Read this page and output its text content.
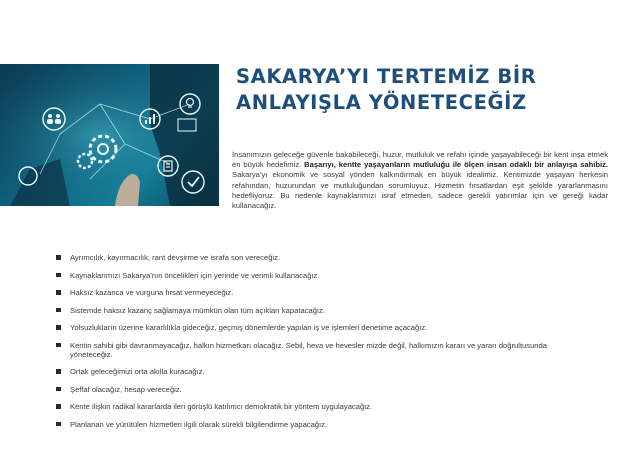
SAKARYA’YI TERTEMİZ BİR
ANLAYIŞLA YÖNETECEĞİZ
İnsanımızın geleceğe güvenle bakabileceği, huzur, mutluluk ve refahı içinde yaşayabileceği bir kent inşa etmek en büyük hedefimiz. Başarıyı, kentte yaşayanların mutluluğu ile ölçen insan odaklı bir anlayışa sahibiz. Sakarya’yı ekonomik ve sosyal yönden kalkındırmak en büyük idealimiz. Kentimizde yaşayan herkesin refahından, huzurundan ve mutluluğundan sorumluyuz. Hizmetin fırsatlardan eşit şekilde yararlanmasını hedefliyoruz. Bu nedenle kaynaklarımızı israf etmeden, sadece gerekli yatırımlar için ve gereği kadar kullanacağız.
Ayrımcılık, kayırmacılık, rant devşirme ve israfa son vereceğiz.
Kaynaklarımızı Sakarya’nın öncelikleri için yerinde ve verimli kullanacağız.
Haksız kazanca ve vurguna fırsat vermeyeceğiz.
Sistemde haksız kazanç sağlamaya mümkün olan tüm açıkları kapatacağız.
Yolsuzlukların üzerine kararlılıkla gideceğiz, geçmiş dönemlerde yapılan iş ve işlemleri denetime açacağız.
Kentin sahibi gibi davranmayacağız, halkın hizmetkarı olacağız. Sebil, heva ve hevesler mizde değil, halkımızın kararı ve yararı doğrultusunda yöneteceğiz.
Ortak geleceğimizi orta akılla kuracağız.
Şeffaf olacağız, hesap vereceğiz.
Kente ilişkin radikal kararlarda ileri görüşlü katılımcı demokratik bir yöntem uygulayacağız.
Planlanan ve yürütülen hizmetleri ilgili olarak sürekli bilgilendirme yapacağız.
